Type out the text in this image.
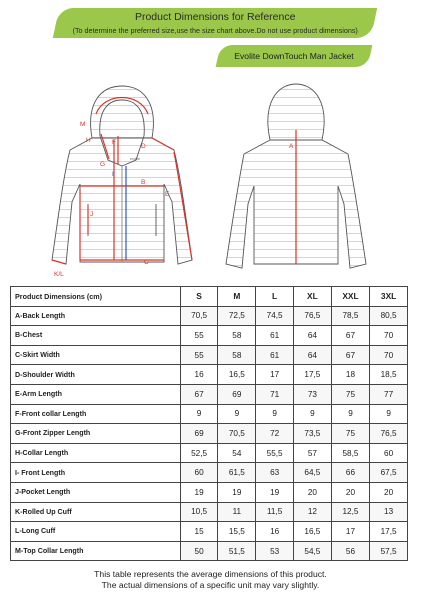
Product Dimensions for Reference
(To determine the preferred size,use the size chart above.Do not use product dimensions)
Evolite DownTouch Man Jacket
M
H	F
D
G
I
B
E
J
C
K/L
evolite
A
Product Dimensions (cm)	S	M	L	XL	XXL	3XL
A-Back Length	70,5	72,5	74,5	76,5	78,5	80,5
B-Chest	55	58	61	64	67	70
C-Skirt Width	55	58	61	64	67	70
D-Shoulder Width	16	16,5	17	17,5	18	18,5
E-Arm Length	67	69	71	73	75	77
F-Front collar Length	9	9	9	9	9	9
G-Front Zipper Length	69	70,5	72	73,5	75	76,5
H-Collar Length	52,5	54	55,5	57	58,5	60
I- Front Length	60	61,5	63	64,5	66	67,5
J-Pocket Length	19	19	19	20	20	20
K-Rolled Up Cuff	10,5	11	11,5	12	12,5	13
L-Long Cuff	15	15,5	16	16,5	17	17,5
M-Top Collar Length	50	51,5	53	54,5	56	57,5
This table represents the average dimensions of this product.
The actual dimensions of a specific unit may vary slightly.
